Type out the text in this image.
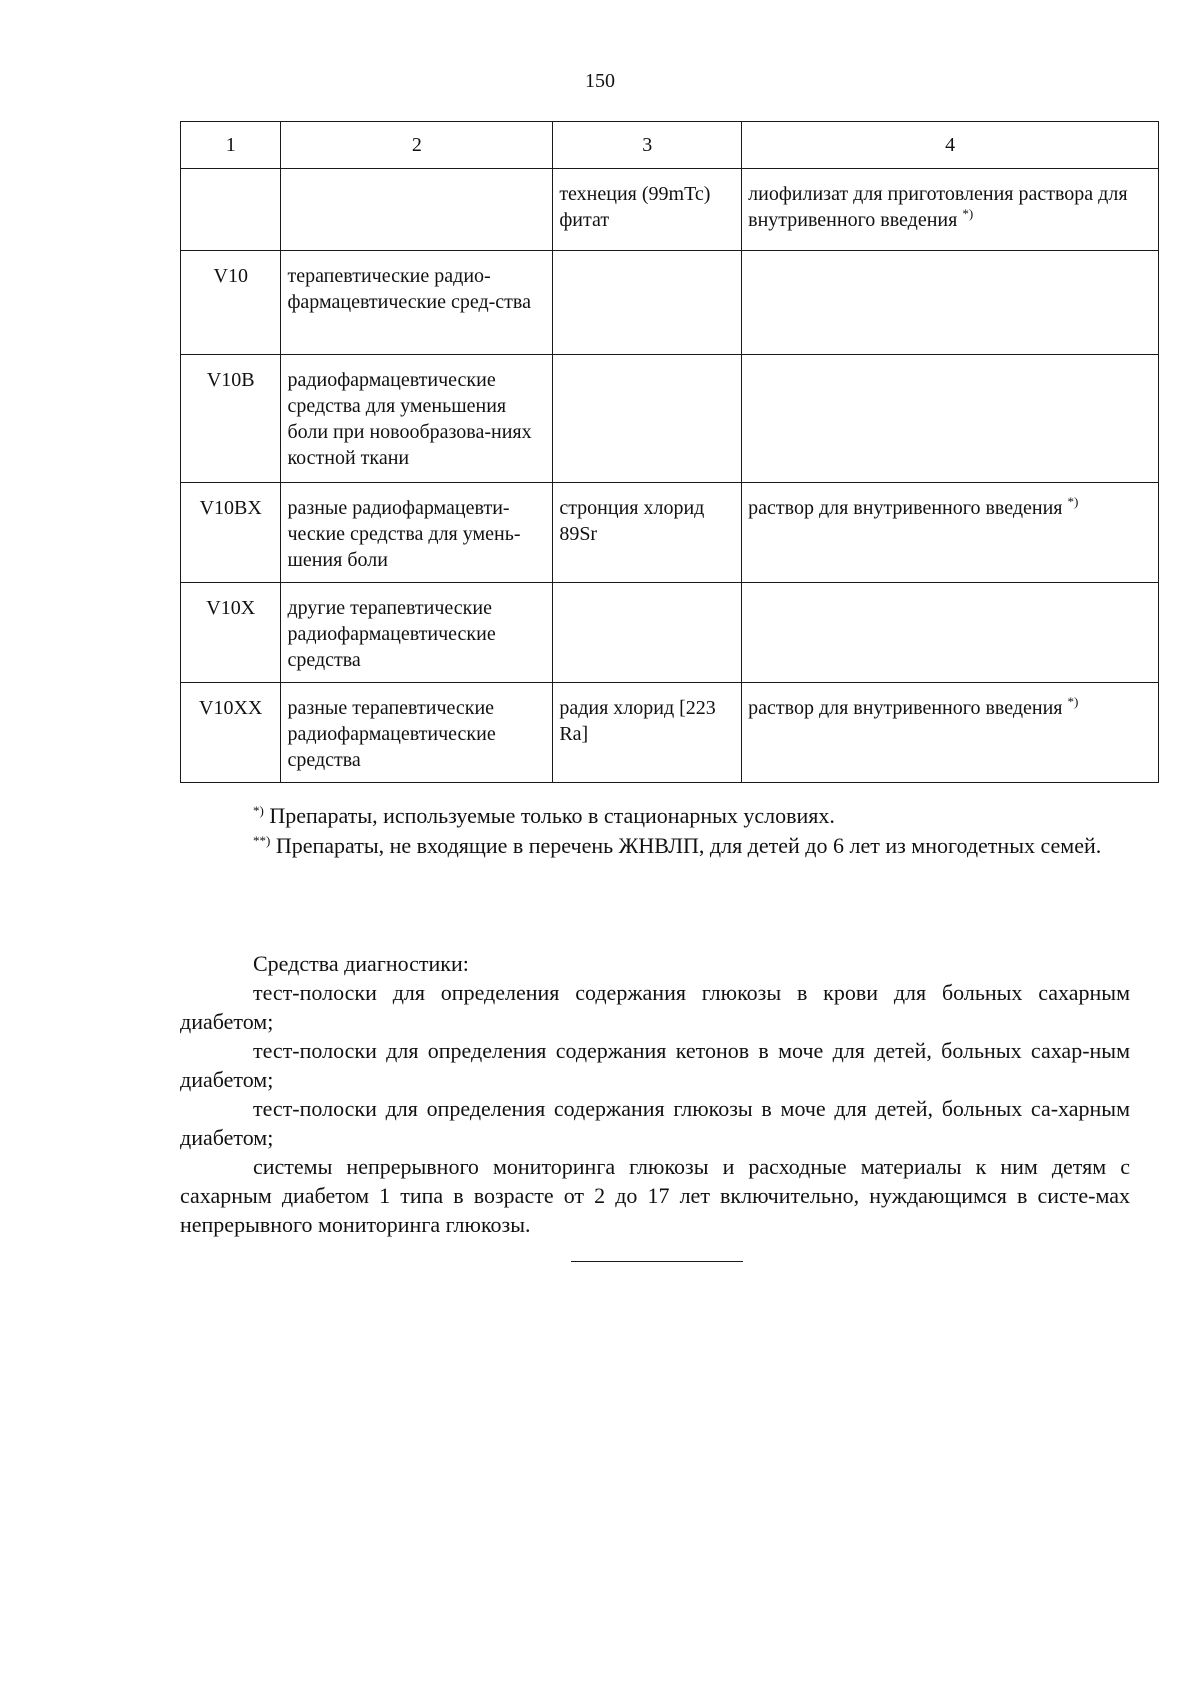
150
1	2	3	4
		технеция (99mTc) фитат	лиофилизат для приготовления раствора для внутривенного введения *)
V10	терапевтические радио-фармацевтические сред-ства		
V10B	радиофармацевтические средства для уменьшения боли при новообразова-ниях костной ткани		
V10BX	разные радиофармацевти-ческие средства для умень-шения боли	стронция хлорид 89Sr	раствор для внутривенного введения *)
V10X	другие терапевтические радиофармацевтические средства		
V10XX	разные терапевтические радиофармацевтические средства	радия хлорид [223 Ra]	раствор для внутривенного введения *)

*) Препараты, используемые только в стационарных условиях.

**) Препараты, не входящие в перечень ЖНВЛП, для детей до 6 лет из многодетных семей.

Средства диагностики:

тест-полоски для определения содержания глюкозы в крови для больных сахарным диабетом;

тест-полоски для определения содержания кетонов в моче для детей, больных сахар-ным диабетом;

тест-полоски для определения содержания глюкозы в моче для детей, больных са-харным диабетом;

системы непрерывного мониторинга глюкозы и расходные материалы к ним детям с сахарным диабетом 1 типа в возрасте от 2 до 17 лет включительно, нуждающимся в систе-мах непрерывного мониторинга глюкозы.
